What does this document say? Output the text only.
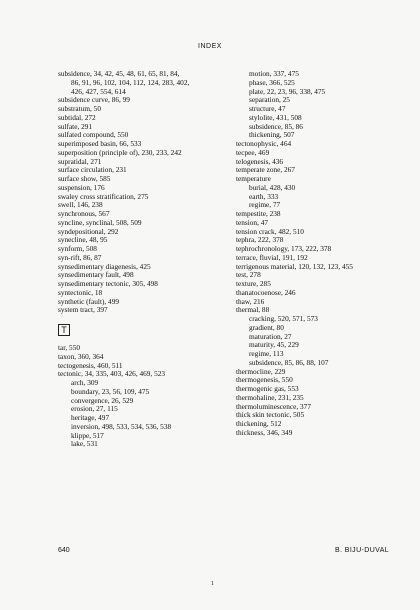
INDEX
subsidence, 34, 42, 45, 48, 61, 65, 81, 84,
86, 91, 96, 102, 104, 112, 124, 283, 402,
426, 427, 554, 614
subsidence curve, 86, 99
substratum, 50
subtidal, 272
sulfate, 291
sulfated compound, 550
superimposed basin, 66, 533
superposition (principle of), 230, 233, 242
supratidal, 271
surface circulation, 231
surface show, 585
suspension, 176
swaley cross stratification, 275
swell, 146, 238
synchronous, 567
syncline, synclinal, 508, 509
syndepositional, 292
synecline, 48, 95
synform, 508
syn-rift, 86, 87
synsedimentary diagenesis, 425
synsedimentary fault, 498
synsedimentary tectonic, 305, 498
syntectonic, 18
synthetic (fault), 499
system tract, 397
T
tar, 550
taxon, 360, 364
tectogenesis, 460, 511
tectonic, 34, 335, 403, 426, 469, 523
arch, 309
boundary, 23, 56, 109, 475
convergence, 26, 529
erosion, 27, 115
heritage, 497
inversion, 498, 533, 534, 536, 538
klippe, 517
lake, 531
motion, 337, 475
phase, 366, 525
plate, 22, 23, 96, 338, 475
separation, 25
structure, 47
stylolite, 431, 508
subsidence, 85, 86
thickening, 507
tectonophysic, 464
tecpee, 469
telogenesis, 436
temperate zone, 267
temperature
burial, 428, 430
earth, 333
regime, 77
tempestite, 238
tension, 47
tension crack, 482, 510
tephra, 222, 378
tephrochronology, 173, 222, 378
terrace, fluvial, 191, 192
terrigenous material, 120, 132, 123, 455
test, 278
texture, 285
thanatocoenose, 246
thaw, 216
thermal, 88
cracking, 520, 571, 573
gradient, 80
maturation, 27
maturity, 45, 229
regime, 113
subsidence, 85, 86, 88, 107
thermocline, 229
thermogenesis, 550
thermogenic gas, 553
thermohaline, 231, 235
thermoluminescence, 377
thick skin tectonic, 505
thickening, 512
thickness, 346, 349
640	B. BIJU-DUVAL
1
